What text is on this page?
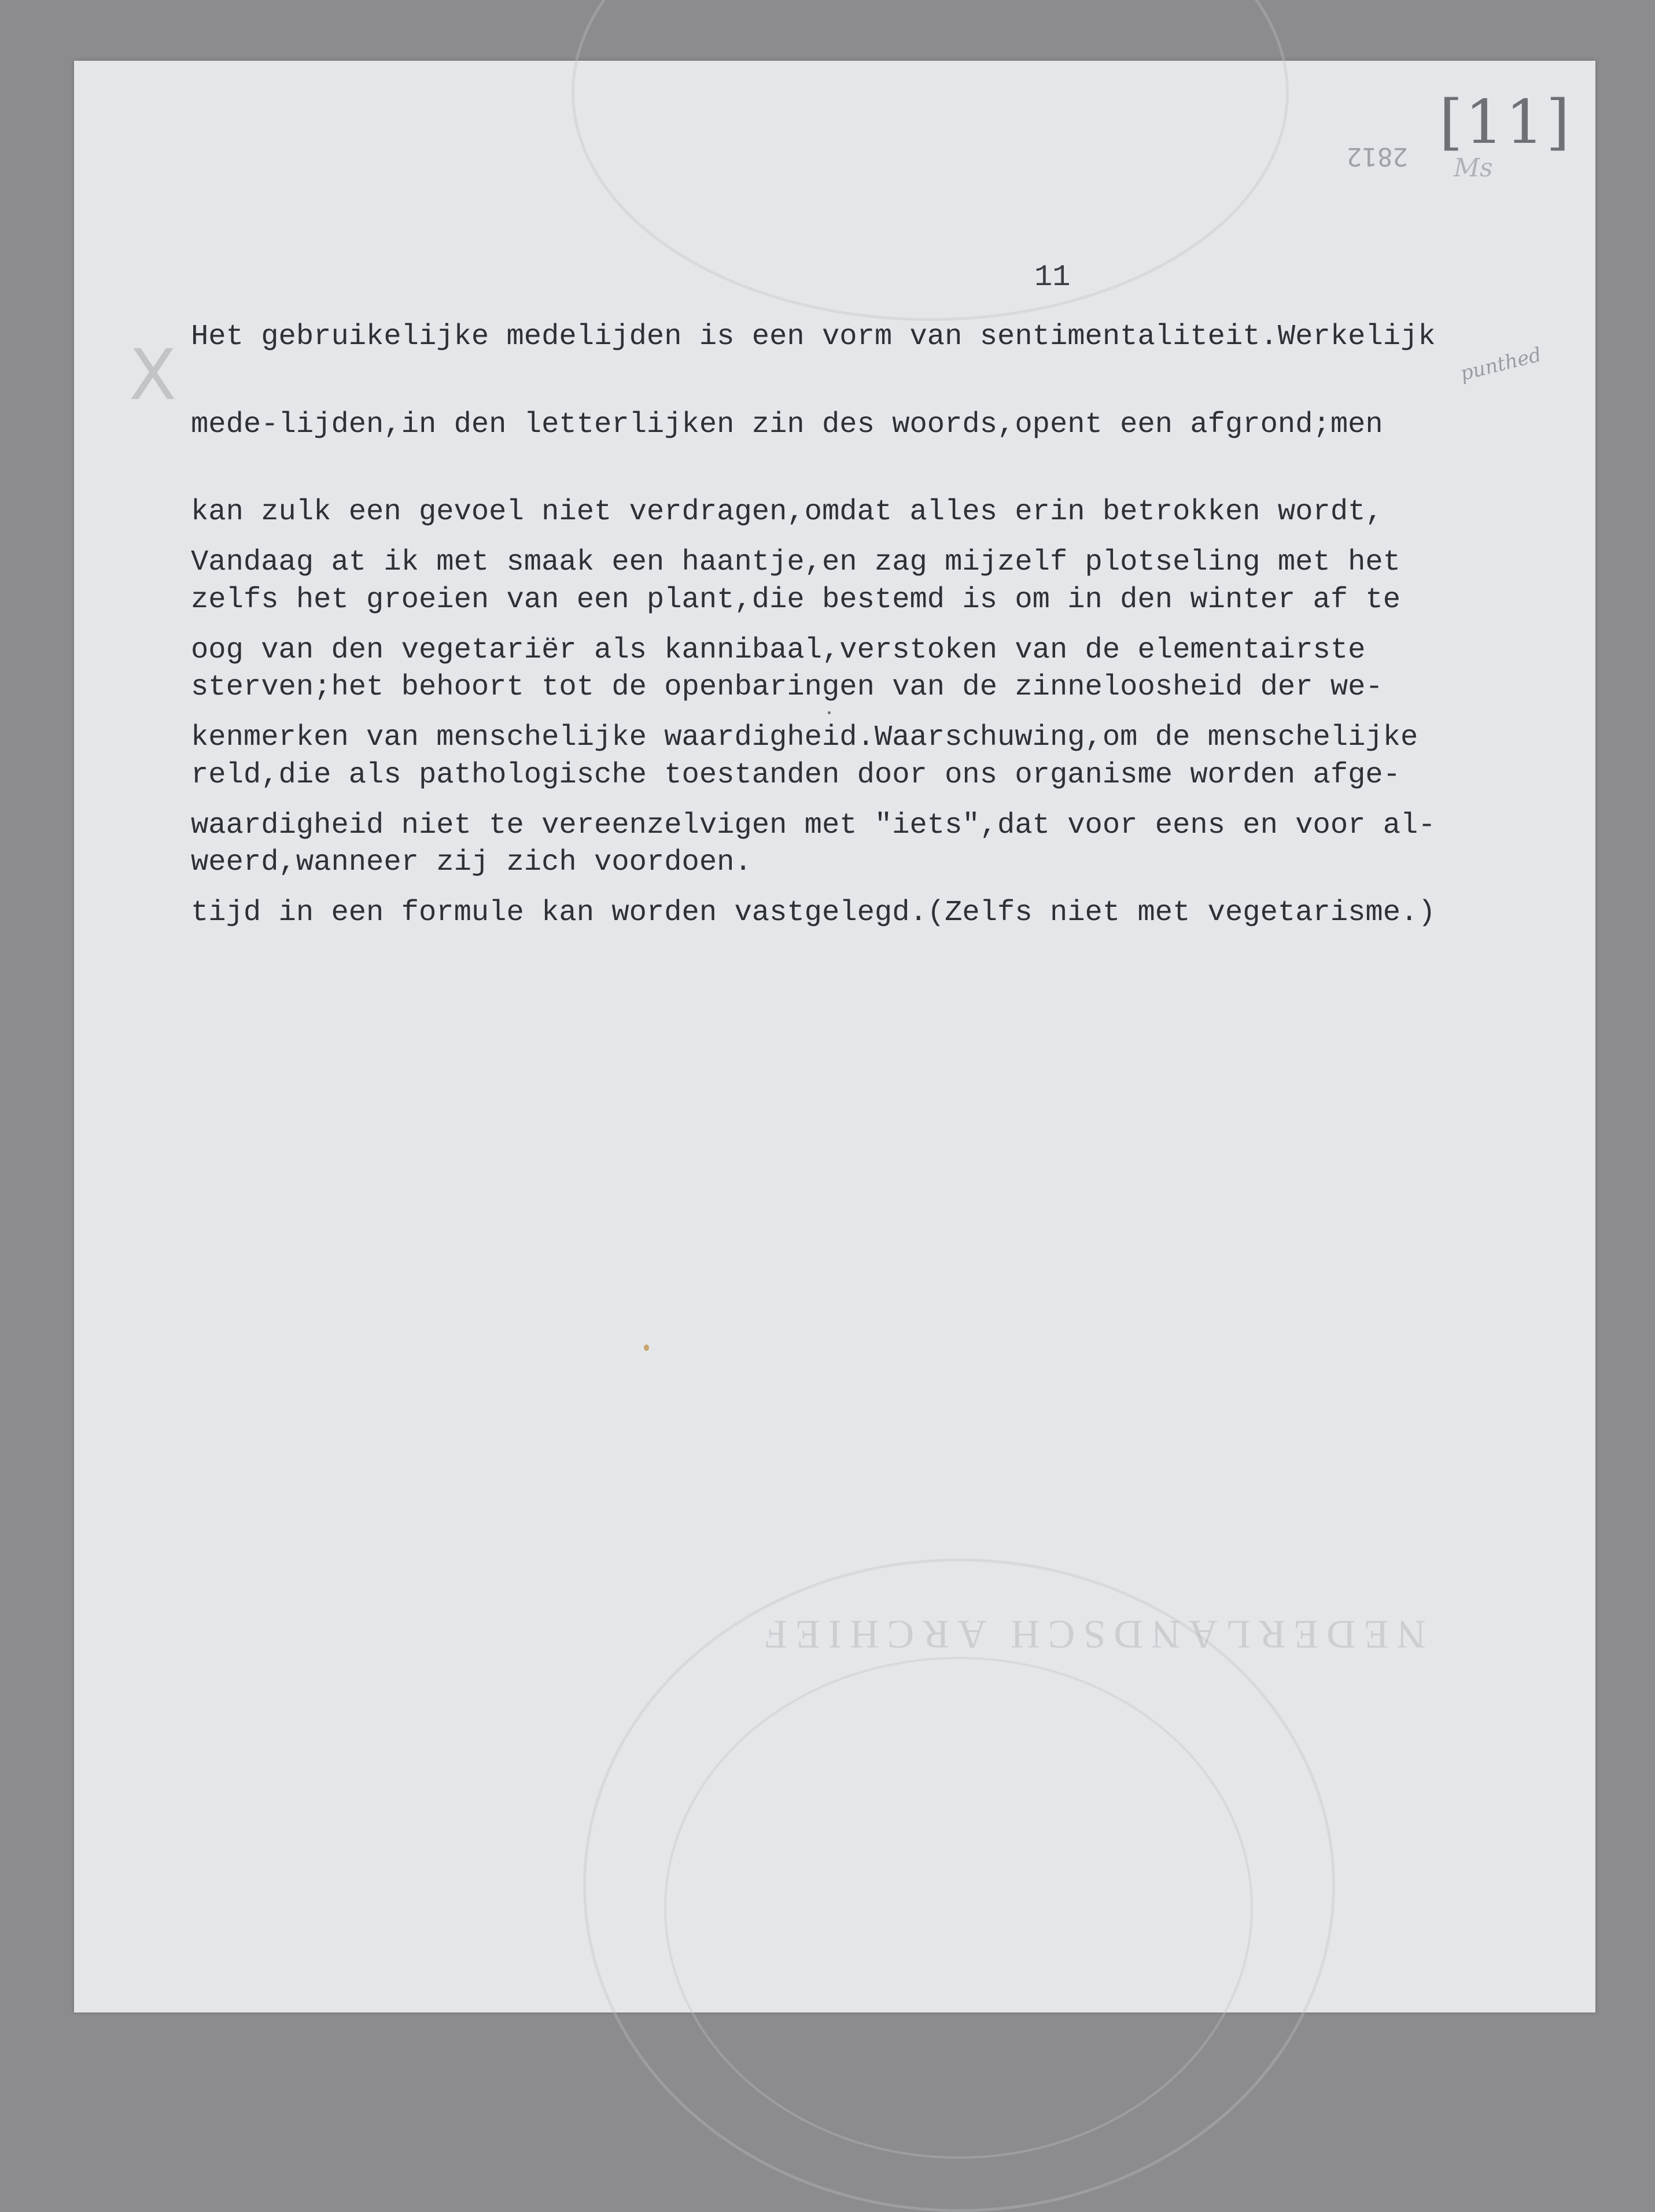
NEDERLANDSCH ARCHIEF
2812 [11]
Ms
X	punthed
11

Het gebruikelijke medelijden is een vorm van sentimentaliteit.Werkelijk

mede-lijden,in den letterlijken zin des woords,opent een afgrond;men

kan zulk een gevoel niet verdragen,omdat alles erin betrokken wordt,

zelfs het groeien van een plant,die bestemd is om in den winter af te

sterven;het behoort tot de openbaringen van de zinneloosheid der we-

reld,die als pathologische toestanden door ons organisme worden afge-

weerd,wanneer zij zich voordoen.

Vandaag at ik met smaak een haantje,en zag mijzelf plotseling met het

oog van den vegetariër als kannibaal,verstoken van de elementairste

kenmerken van menschelijke waardigheid.Waarschuwing,om de menschelijke

waardigheid niet te vereenzelvigen met "iets",dat voor eens en voor al-

tijd in een formule kan worden vastgelegd.(Zelfs niet met vegetarisme.)
